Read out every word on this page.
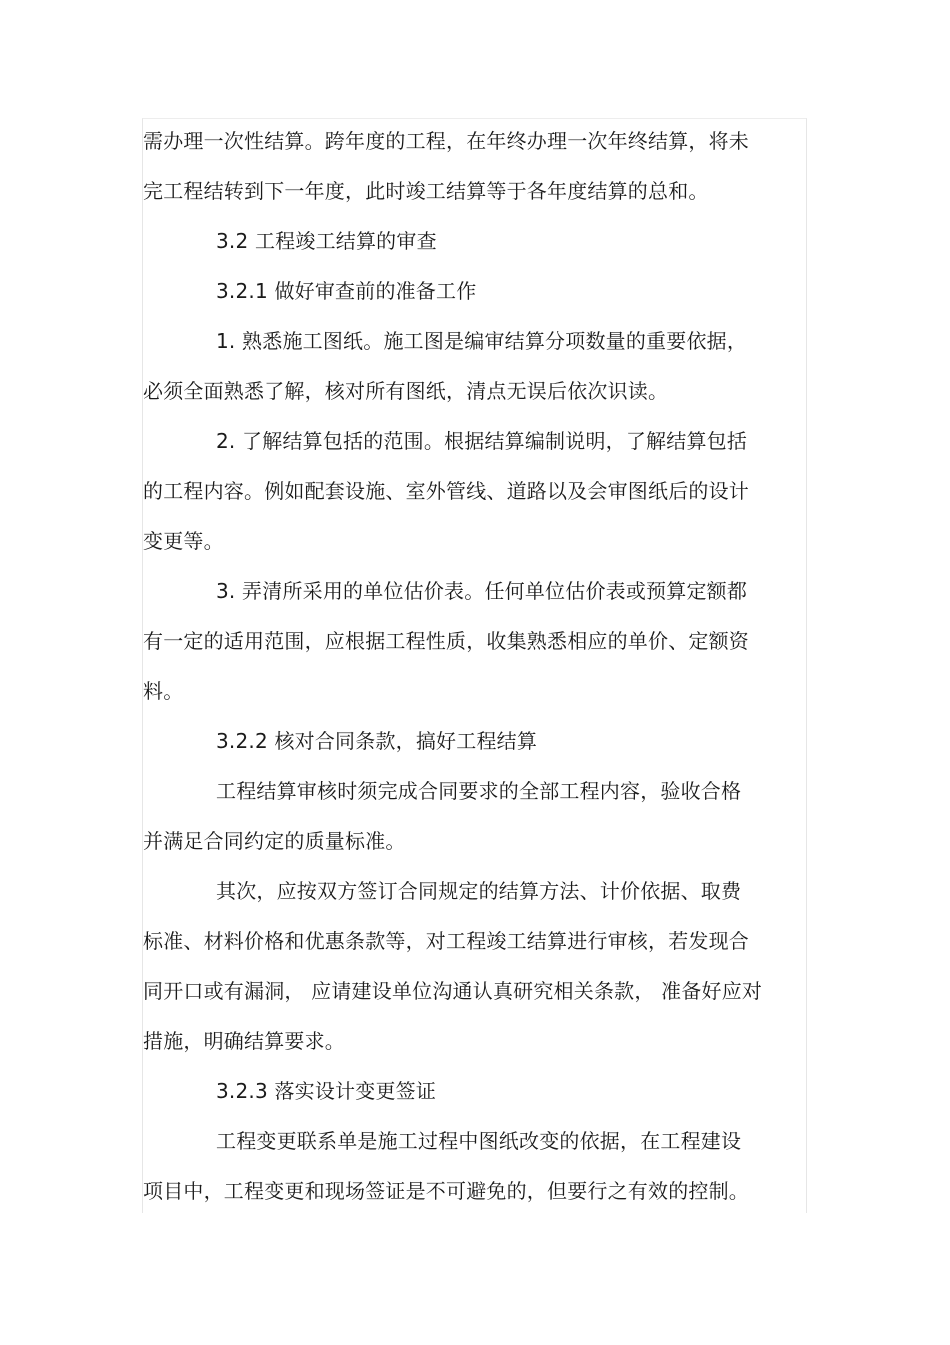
需办理一次性结算。跨年度的工程，在年终办理一次年终结算，将未
完工程结转到下一年度，此时竣工结算等于各年度结算的总和。
3.2 工程竣工结算的审查
3.2.1 做好审查前的准备工作
1. 熟悉施工图纸。施工图是编审结算分项数量的重要依据，
必须全面熟悉了解，核对所有图纸，清点无误后依次识读。
2. 了解结算包括的范围。根据结算编制说明，了解结算包括
的工程内容。例如配套设施、室外管线、道路以及会审图纸后的设计
变更等。
3. 弄清所采用的单位估价表。任何单位估价表或预算定额都
有一定的适用范围，应根据工程性质，收集熟悉相应的单价、定额资
料。
3.2.2 核对合同条款，搞好工程结算
工程结算审核时须完成合同要求的全部工程内容，验收合格
并满足合同约定的质量标准。
其次，应按双方签订合同规定的结算方法、计价依据、取费
标准、材料价格和优惠条款等，对工程竣工结算进行审核，若发现合
同开口或有漏洞， 应请建设单位沟通认真研究相关条款， 准备好应对
措施，明确结算要求。
3.2.3 落实设计变更签证
工程变更联系单是施工过程中图纸改变的依据，在工程建设
项目中，工程变更和现场签证是不可避免的，但要行之有效的控制。
